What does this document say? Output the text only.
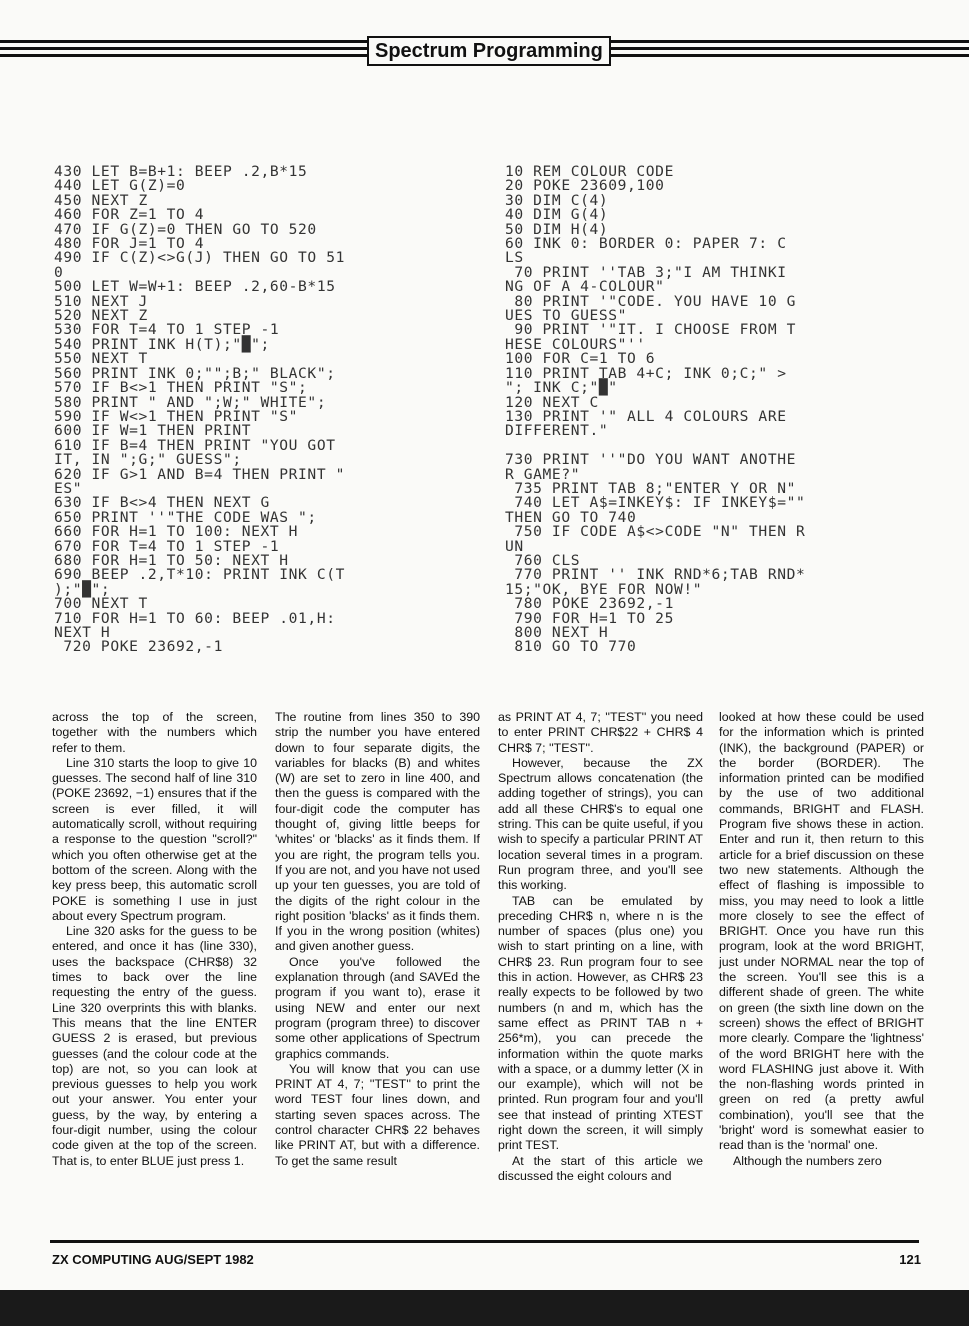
Spectrum Programming
430 LET B=B+1: BEEP .2,B*15
440 LET G(Z)=0
450 NEXT Z
460 FOR Z=1 TO 4
470 IF G(Z)=0 THEN GO TO 520
480 FOR J=1 TO 4
490 IF C(Z)<>G(J) THEN GO TO 51
0
500 LET W=W+1: BEEP .2,60-B*15
510 NEXT J
520 NEXT Z
530 FOR T=4 TO 1 STEP -1
540 PRINT INK H(T);"█";
550 NEXT T
560 PRINT INK 0;"";B;" BLACK";
570 IF B<>1 THEN PRINT "S";
580 PRINT " AND ";W;" WHITE";
590 IF W<>1 THEN PRINT "S"
600 IF W=1 THEN PRINT
610 IF B=4 THEN PRINT "YOU GOT
IT, IN ";G;" GUESS";
620 IF G>1 AND B=4 THEN PRINT "
ES"
630 IF B<>4 THEN NEXT G
650 PRINT ''"THE CODE WAS ";
660 FOR H=1 TO 100: NEXT H
670 FOR T=4 TO 1 STEP -1
680 FOR H=1 TO 50: NEXT H
690 BEEP .2,T*10: PRINT INK C(T
);"█";
700 NEXT T
710 FOR H=1 TO 60: BEEP .01,H:
NEXT H
720 POKE 23692,-1
10 REM COLOUR CODE
20 POKE 23609,100
30 DIM C(4)
40 DIM G(4)
50 DIM H(4)
60 INK 0: BORDER 0: PAPER 7: C
LS
70 PRINT ''TAB 3;"I AM THINKI
NG OF A 4-COLOUR"
80 PRINT '"CODE. YOU HAVE 10 G
UES TO GUESS"
90 PRINT '"IT. I CHOOSE FROM T
HESE COLOURS"''
100 FOR C=1 TO 6
110 PRINT TAB 4+C; INK 0;C;" >
"; INK C;"█"
120 NEXT C
130 PRINT '" ALL 4 COLOURS ARE
DIFFERENT."

730 PRINT ''"DO YOU WANT ANOTHE
R GAME?"
735 PRINT TAB 8;"ENTER Y OR N"
740 LET A$=INKEY$: IF INKEY$=""
THEN GO TO 740
750 IF CODE A$<>CODE "N" THEN R
UN
760 CLS
770 PRINT '' INK RND*6;TAB RND*
15;"OK, BYE FOR NOW!"
780 POKE 23692,-1
790 FOR H=1 TO 25
800 NEXT H
810 GO TO 770

across the top of the screen, together with the numbers which refer to them.

Line 310 starts the loop to give 10 guesses. The second half of line 310 (POKE 23692, −1) ensures that if the screen is ever filled, it will automatically scroll, without requiring a response to the question "scroll?" which you often otherwise get at the bottom of the screen. Along with the key press beep, this automatic scroll POKE is something I use in just about every Spectrum program.

Line 320 asks for the guess to be entered, and once it has (line 330), uses the backspace (CHR$8) 32 times to back over the line requesting the entry of the guess. Line 320 overprints this with blanks. This means that the line ENTER GUESS 2 is erased, but previous guesses (and the colour code at the top) are not, so you can look at previous guesses to help you work out your answer. You enter your guess, by the way, by entering a four-digit number, using the colour code given at the top of the screen. That is, to enter BLUE just press 1.

The routine from lines 350 to 390 strip the number you have entered down to four separate digits, the variables for blacks (B) and whites (W) are set to zero in line 400, and then the guess is compared with the four-digit code the computer has thought of, giving little beeps for 'whites' or 'blacks' as it finds them. If you are right, the program tells you. If you are not, and you have not used up your ten guesses, you are told of the digits of the right colour in the right position 'blacks' as it finds them. If you in the wrong position (whites) and given another guess.

Once you've followed the explanation through (and SAVEd the program if you want to), erase it using NEW and enter our next program (program three) to discover some other applications of Spectrum graphics commands.

You will know that you can use PRINT AT 4, 7; ''TEST'' to print the word TEST four lines down, and starting seven spaces across. The control character CHR$ 22 behaves like PRINT AT, but with a difference. To get the same result

as PRINT AT 4, 7; ''TEST'' you need to enter PRINT CHR$22 + CHR$ 4 CHR$ 7; ''TEST''.

However, because the ZX Spectrum allows concatenation (the adding together of strings), you can add all these CHR$'s to equal one string. This can be quite useful, if you wish to specify a particular PRINT AT location several times in a program. Run program three, and you'll see this working.

TAB can be emulated by preceding CHR$ n, where n is the number of spaces (plus one) you wish to start printing on a line, with CHR$ 23. Run program four to see this in action. However, as CHR$ 23 really expects to be followed by two numbers (n and m, which has the same effect as PRINT TAB n + 256*m), you can precede the information within the quote marks with a space, or a dummy letter (X in our example), which will not be printed. Run program four and you'll see that instead of printing XTEST right down the screen, it will simply print TEST.

At the start of this article we discussed the eight colours and

looked at how these could be used for the information which is printed (INK), the background (PAPER) or the border (BORDER). The information printed can be modified by the use of two additional commands, BRIGHT and FLASH. Program five shows these in action. Enter and run it, then return to this article for a brief discussion on these two new statements. Although the effect of flashing is impossible to miss, you may need to look a little more closely to see the effect of BRIGHT. Once you have run this program, look at the word BRIGHT, just under NORMAL near the top of the screen. You'll see this is a different shade of green. The white on green (the sixth line down on the screen) shows the effect of BRIGHT more clearly. Compare the 'lightness' of the word BRIGHT here with the word FLASHING just above it. With the non-flashing words printed in green on red (a pretty awful combination), you'll see that the 'bright' word is somewhat easier to read than is the 'normal' one.

Although the numbers zero

ZX COMPUTING AUG/SEPT 1982	121
